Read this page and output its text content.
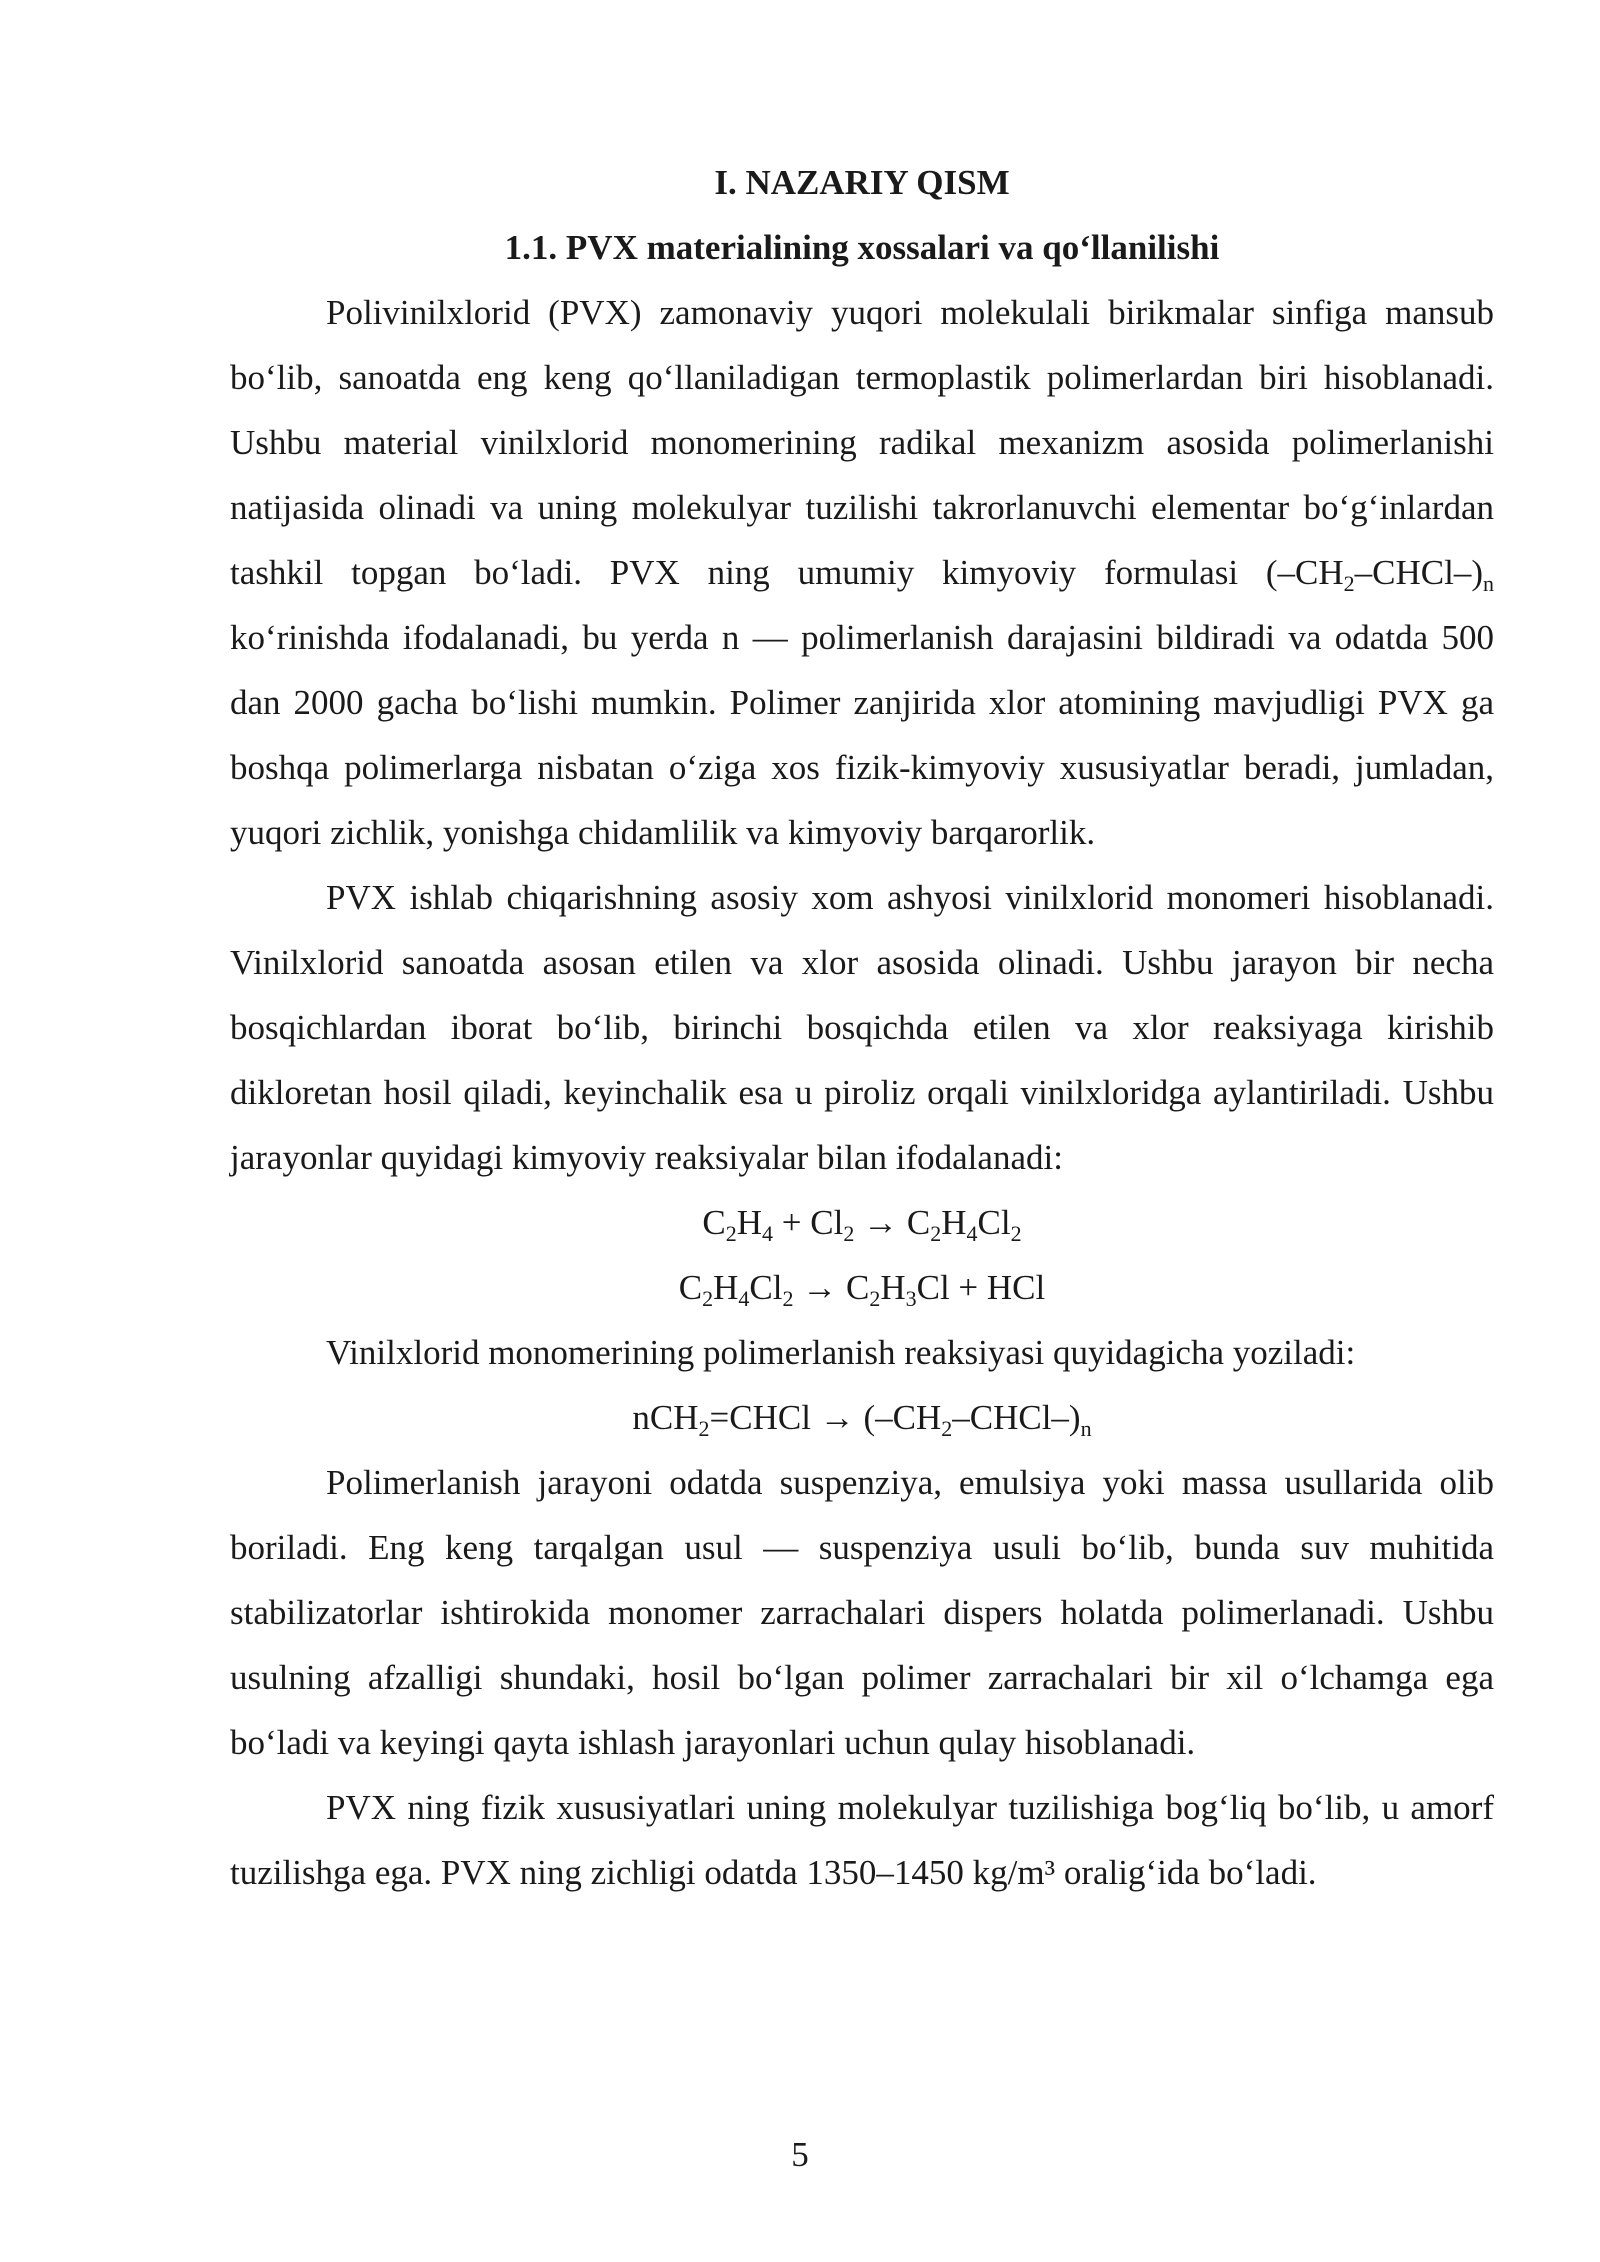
I. NAZARIY QISM

1.1. PVX materialining xossalari va qo‘llanilishi

Polivinilxlorid (PVX) zamonaviy yuqori molekulali birikmalar sinfiga mansub bo‘lib, sanoatda eng keng qo‘llaniladigan termoplastik polimerlardan biri hisoblanadi. Ushbu material vinilxlorid monomerining radikal mexanizm asosida polimerlanishi natijasida olinadi va uning molekulyar tuzilishi takrorlanuvchi elementar bo‘g‘inlardan tashkil topgan bo‘ladi. PVX ning umumiy kimyoviy formulasi $(-CH_2-CHCl-)_n$ ko‘rinishda ifodalanadi, bu yerda n — polimerlanish darajasini bildiradi va odatda 500 dan 2000 gacha bo‘lishi mumkin. Polimer zanjirida xlor atomining mavjudligi PVX ga boshqa polimerlarga nisbatan o‘ziga xos fizik-kimyoviy xususiyatlar beradi, jumladan, yuqori zichlik, yonishga chidamlilik va kimyoviy barqarorlik.

PVX ishlab chiqarishning asosiy xom ashyosi vinilxlorid monomeri hisoblanadi. Vinilxlorid sanoatda asosan etilen va xlor asosida olinadi. Ushbu jarayon bir necha bosqichlardan iborat bo‘lib, birinchi bosqichda etilen va xlor reaksiyaga kirishib dikloretan hosil qiladi, keyinchalik esa u piroliz orqali vinilxloridga aylantiriladi. Ushbu jarayonlar quyidagi kimyoviy reaksiyalar bilan ifodalanadi:

$C_2H_4 + Cl_2 \to C_2H_4Cl_2$

$C_2H_4Cl_2 \to C_2H_3Cl$ + HCl

Vinilxlorid monomerining polimerlanish reaksiyasi quyidagicha yoziladi:

nCH$_2$=CHCl → $(-CH_2-CHCl-)_n$

Polimerlanish jarayoni odatda suspenziya, emulsiya yoki massa usullarida olib boriladi. Eng keng tarqalgan usul — suspenziya usuli bo‘lib, bunda suv muhitida stabilizatorlar ishtirokida monomer zarrachalari dispers holatda polimerlanadi. Ushbu usulning afzalligi shundaki, hosil bo‘lgan polimer zarrachalari bir xil o‘lchamga ega bo‘ladi va keyingi qayta ishlash jarayonlari uchun qulay hisoblanadi.

PVX ning fizik xususiyatlari uning molekulyar tuzilishiga bog‘liq bo‘lib, u amorf tuzilishga ega. PVX ning zichligi odatda 1350–1450 kg/m³ oralig‘ida bo‘ladi.

5
